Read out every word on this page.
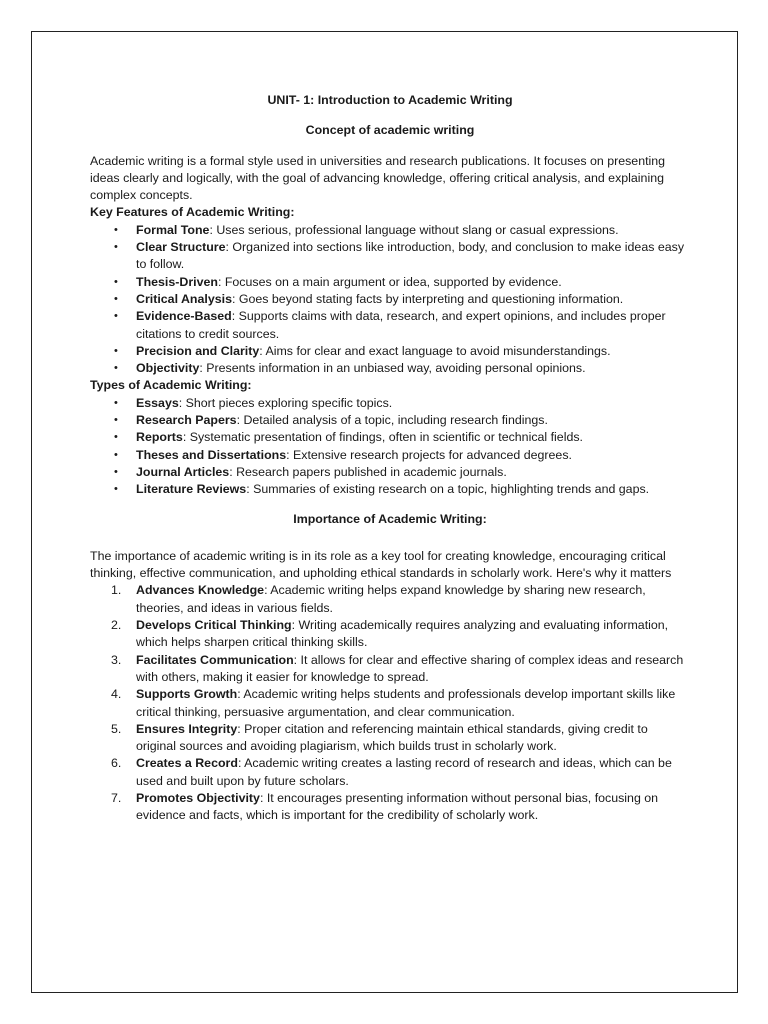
UNIT- 1: Introduction to Academic Writing

Concept of academic writing

Academic writing is a formal style used in universities and research publications. It focuses on presenting ideas clearly and logically, with the goal of advancing knowledge, offering critical analysis, and explaining complex concepts.

Key Features of Academic Writing:

• Formal Tone: Uses serious, professional language without slang or casual expressions.
• Clear Structure: Organized into sections like introduction, body, and conclusion to make ideas easy to follow.
• Thesis-Driven: Focuses on a main argument or idea, supported by evidence.
• Critical Analysis: Goes beyond stating facts by interpreting and questioning information.
• Evidence-Based: Supports claims with data, research, and expert opinions, and includes proper citations to credit sources.
• Precision and Clarity: Aims for clear and exact language to avoid misunderstandings.
• Objectivity: Presents information in an unbiased way, avoiding personal opinions.

Types of Academic Writing:

• Essays: Short pieces exploring specific topics.
• Research Papers: Detailed analysis of a topic, including research findings.
• Reports: Systematic presentation of findings, often in scientific or technical fields.
• Theses and Dissertations: Extensive research projects for advanced degrees.
• Journal Articles: Research papers published in academic journals.
• Literature Reviews: Summaries of existing research on a topic, highlighting trends and gaps.

Importance of Academic Writing:

The importance of academic writing is in its role as a key tool for creating knowledge, encouraging critical thinking, effective communication, and upholding ethical standards in scholarly work. Here's why it matters

1. Advances Knowledge: Academic writing helps expand knowledge by sharing new research, theories, and ideas in various fields.
2. Develops Critical Thinking: Writing academically requires analyzing and evaluating information, which helps sharpen critical thinking skills.
3. Facilitates Communication: It allows for clear and effective sharing of complex ideas and research with others, making it easier for knowledge to spread.
4. Supports Growth: Academic writing helps students and professionals develop important skills like critical thinking, persuasive argumentation, and clear communication.
5. Ensures Integrity: Proper citation and referencing maintain ethical standards, giving credit to original sources and avoiding plagiarism, which builds trust in scholarly work.
6. Creates a Record: Academic writing creates a lasting record of research and ideas, which can be used and built upon by future scholars.
7. Promotes Objectivity: It encourages presenting information without personal bias, focusing on evidence and facts, which is important for the credibility of scholarly work.
